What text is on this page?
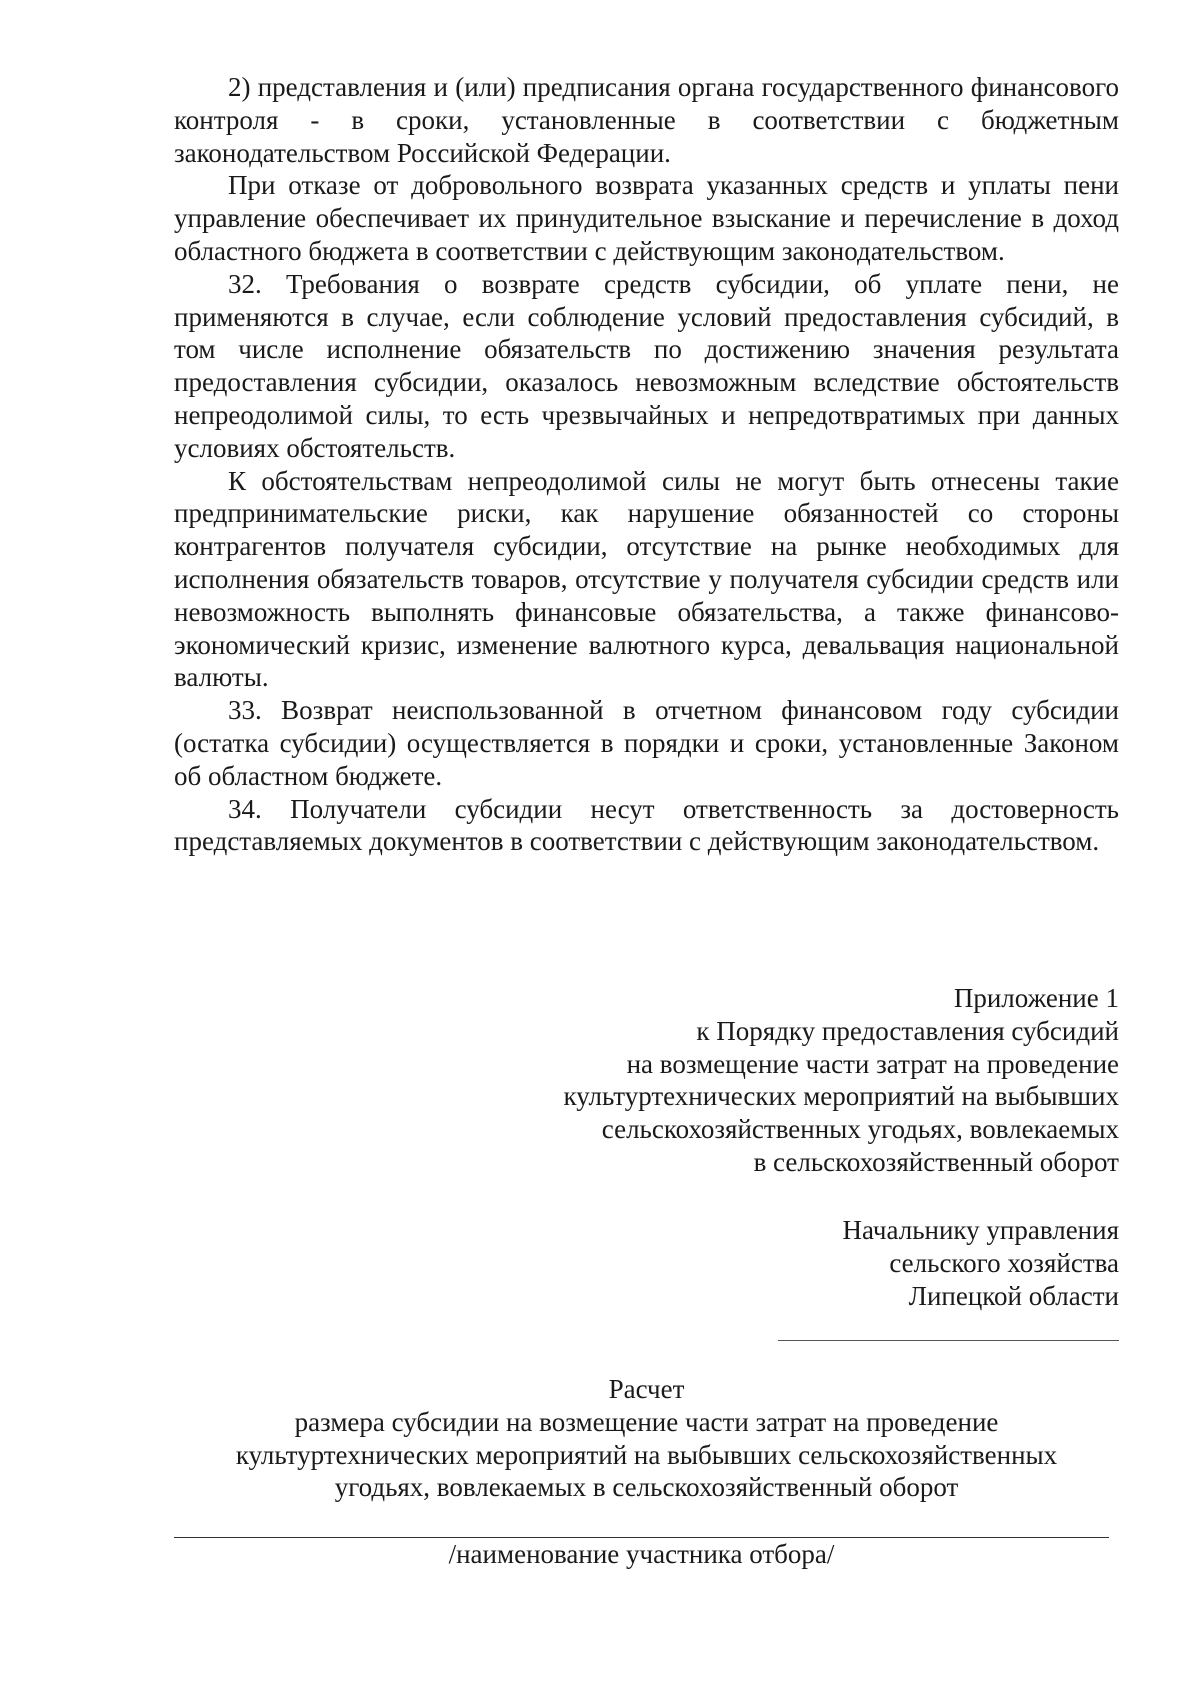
2) представления и (или) предписания органа государственного финансового контроля - в сроки, установленные в соответствии с бюджетным законодательством Российской Федерации.

При отказе от добровольного возврата указанных средств и уплаты пени управление обеспечивает их принудительное взыскание и перечисление в доход областного бюджета в соответствии с действующим законодательством.

32. Требования о возврате средств субсидии, об уплате пени, не применяются в случае, если соблюдение условий предоставления субсидий, в том числе исполнение обязательств по достижению значения результата предоставления субсидии, оказалось невозможным вследствие обстоятельств непреодолимой силы, то есть чрезвычайных и непредотвратимых при данных условиях обстоятельств.

К обстоятельствам непреодолимой силы не могут быть отнесены такие предпринимательские риски, как нарушение обязанностей со стороны контрагентов получателя субсидии, отсутствие на рынке необходимых для исполнения обязательств товаров, отсутствие у получателя субсидии средств или невозможность выполнять финансовые обязательства, а также финансово-экономический кризис, изменение валютного курса, девальвация национальной валюты.

33. Возврат неиспользованной в отчетном финансовом году субсидии (остатка субсидии) осуществляется в порядки и сроки, установленные Законом об областном бюджете.

34. Получатели субсидии несут ответственность за достоверность представляемых документов в соответствии с действующим законодательством.

Приложение 1
к Порядку предоставления субсидий
на возмещение части затрат на проведение
культуртехнических мероприятий на выбывших
сельскохозяйственных угодьях, вовлекаемых
в сельскохозяйственный оборот
Начальнику управления
сельского хозяйства
Липецкой области
Расчет
размера субсидии на возмещение части затрат на проведение
культуртехнических мероприятий на выбывших сельскохозяйственных
угодьях, вовлекаемых в сельскохозяйственный оборот
/наименование участника отбора/
